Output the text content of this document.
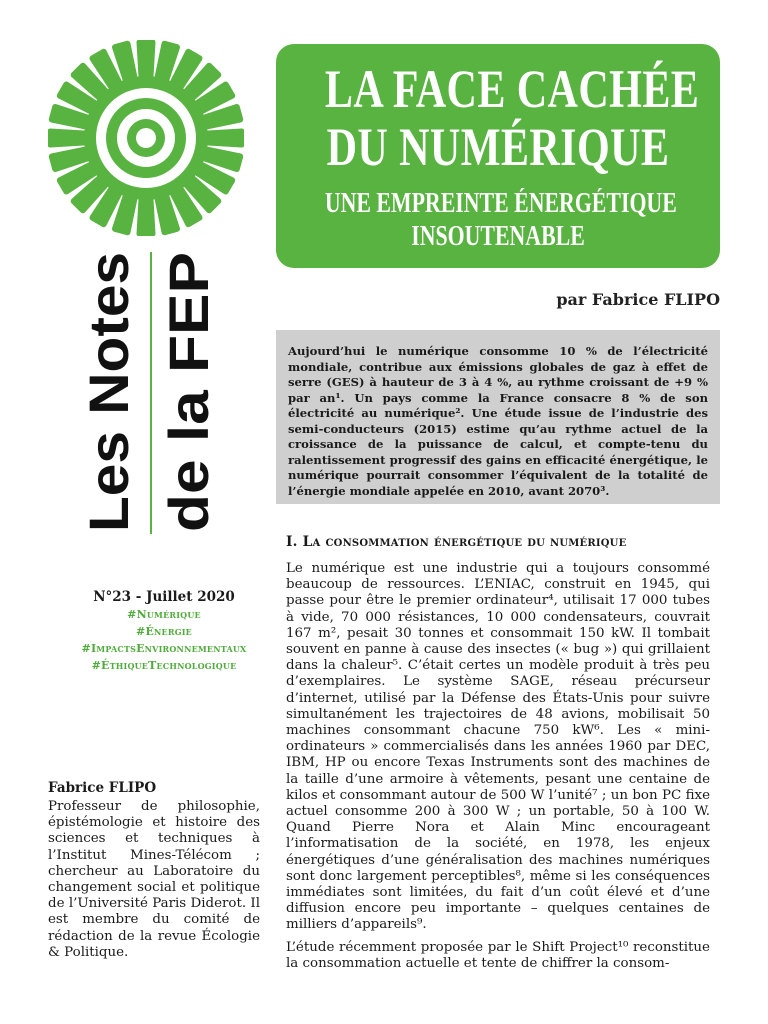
LA FACE CACHÉE
DU NUMÉRIQUE
UNE EMPREINTE ÉNERGÉTIQUE
INSOUTENABLE
par Fabrice FLIPO
Aujourd’hui le numérique consomme 10 % de l’électricité mondiale, contribue aux émissions globales de gaz à effet de serre (GES) à hauteur de 3 à 4 %, au rythme croissant de +9 % par an¹. Un pays comme la France consacre 8 % de son électricité au numérique². Une étude issue de l’industrie des semi-conducteurs (2015) estime qu’au rythme actuel de la croissance de la puissance de calcul, et compte-tenu du ralentissement progressif des gains en efficacité énergétique, le numérique pourrait consommer l’équivalent de la totalité de l’énergie mondiale appelée en 2010, avant 2070³.
Les Notes de la FEP
N°23 - Juillet 2020
#Numérique
#Énergie
#ImpactsEnvironnementaux
#ÉthiqueTechnologique
Fabrice FLIPO
Professeur de philosophie, épistémologie et histoire des sciences et techniques à l’Institut Mines-Télécom ; chercheur au Laboratoire du changement social et politique de l’Université Paris Diderot. Il est membre du comité de rédaction de la revue Écologie & Politique.
I. La consommation énergétique du numérique

Le numérique est une industrie qui a toujours consommé beaucoup de ressources. L’ENIAC, construit en 1945, qui passe pour être le premier ordinateur⁴, utilisait 17 000 tubes à vide, 70 000 résistances, 10 000 condensateurs, couvrait 167 m², pesait 30 tonnes et consommait 150 kW. Il tombait souvent en panne à cause des insectes (« bug ») qui grillaient dans la chaleur⁵. C’était certes un modèle produit à très peu d’exemplaires. Le système SAGE, réseau précurseur d’internet, utilisé par la Défense des États-Unis pour suivre simultanément les trajectoires de 48 avions, mobilisait 50 machines consommant chacune 750 kW⁶. Les « mini-ordinateurs » commercialisés dans les années 1960 par DEC, IBM, HP ou encore Texas Instruments sont des machines de la taille d’une armoire à vêtements, pesant une centaine de kilos et consommant autour de 500 W l’unité⁷ ; un bon PC fixe actuel consomme 200 à 300 W ; un portable, 50 à 100 W. Quand Pierre Nora et Alain Minc encourageant l’informatisation de la société, en 1978, les enjeux énergétiques d’une généralisation des machines numériques sont donc largement perceptibles⁸, même si les conséquences immédiates sont limitées, du fait d’un coût élevé et d’une diffusion encore peu importante – quelques centaines de milliers d’appareils⁹.

L’étude récemment proposée par le Shift Project¹⁰ reconstitue la consommation actuelle et tente de chiffrer la consom-
